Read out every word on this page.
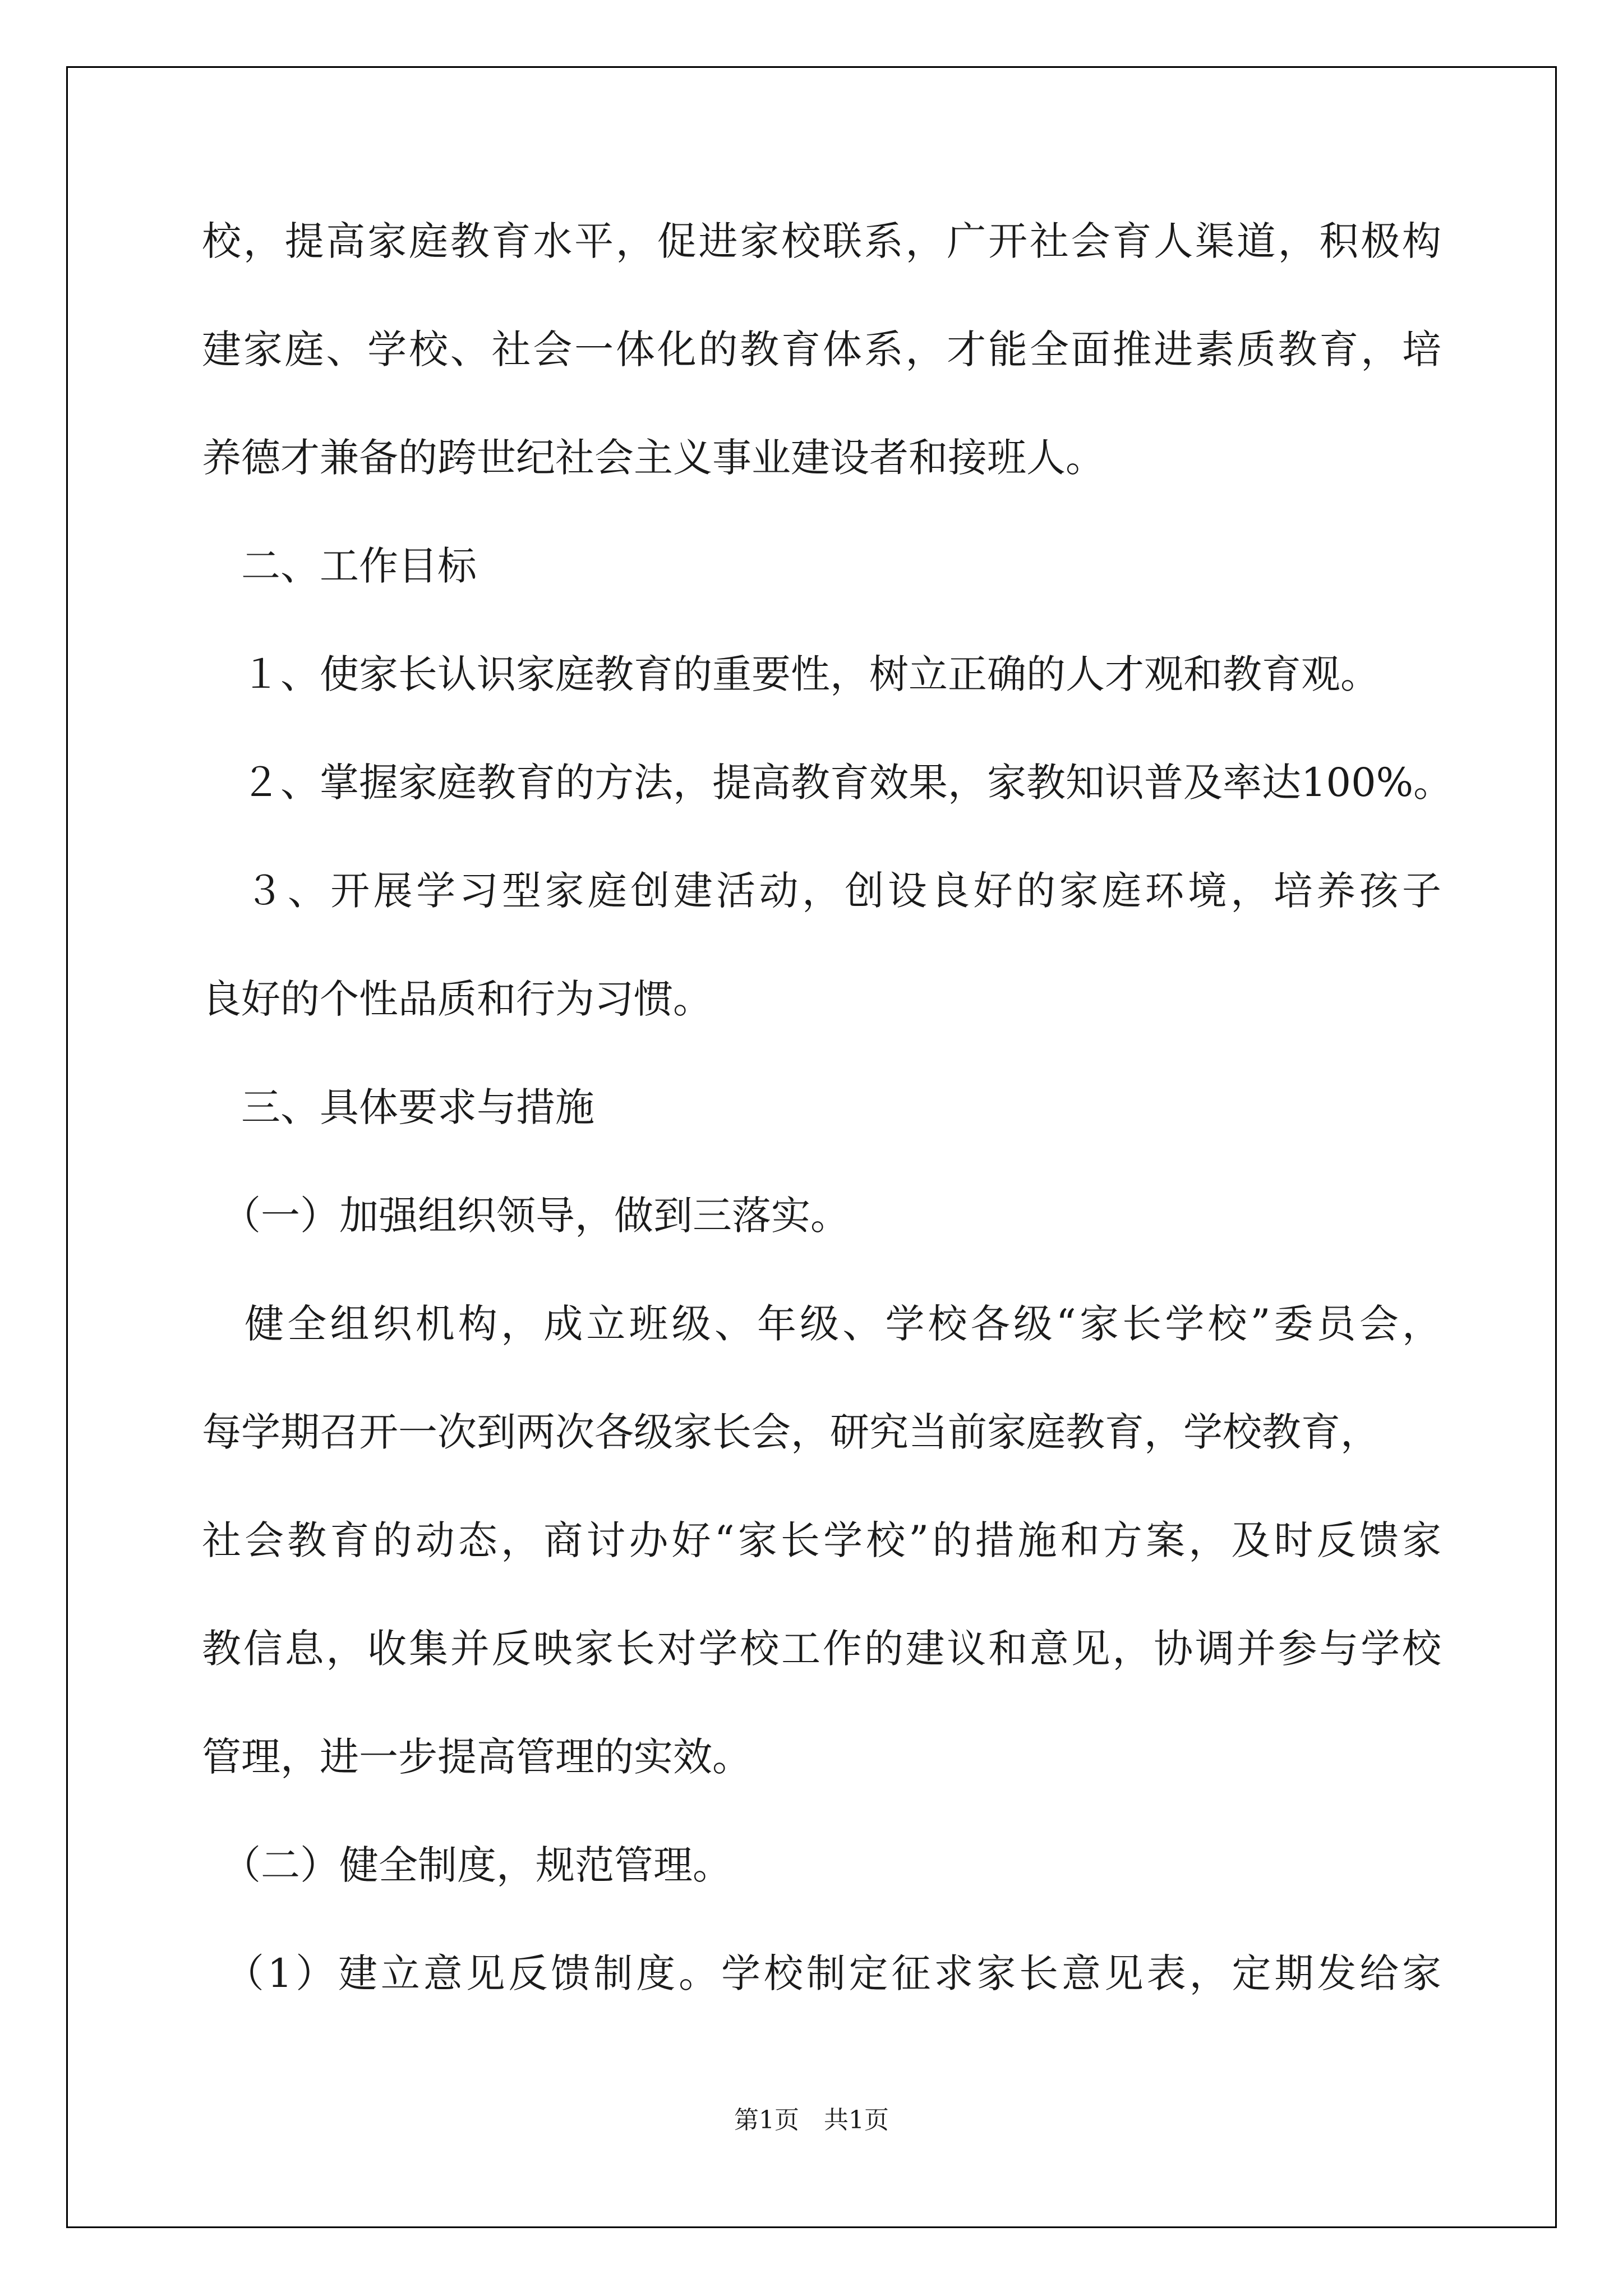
校，提高家庭教育水平，促进家校联系，广开社会育人渠道，积极构

建家庭、学校、社会一体化的教育体系，才能全面推进素质教育，培

养德才兼备的跨世纪社会主义事业建设者和接班人。

　二、工作目标

　１、使家长认识家庭教育的重要性，树立正确的人才观和教育观。

　２、掌握家庭教育的方法，提高教育效果，家教知识普及率达100%。

　３、开展学习型家庭创建活动，创设良好的家庭环境，培养孩子

良好的个性品质和行为习惯。

　三、具体要求与措施

　（一）加强组织领导，做到三落实。

　健全组织机构，成立班级、年级、学校各级“家长学校”委员会，

每学期召开一次到两次各级家长会，研究当前家庭教育，学校教育，

社会教育的动态，商讨办好“家长学校”的措施和方案，及时反馈家

教信息，收集并反映家长对学校工作的建议和意见，协调并参与学校

管理，进一步提高管理的实效。

　（二）健全制度，规范管理。

　（1）建立意见反馈制度。学校制定征求家长意见表，定期发给家

第1页　共1页
